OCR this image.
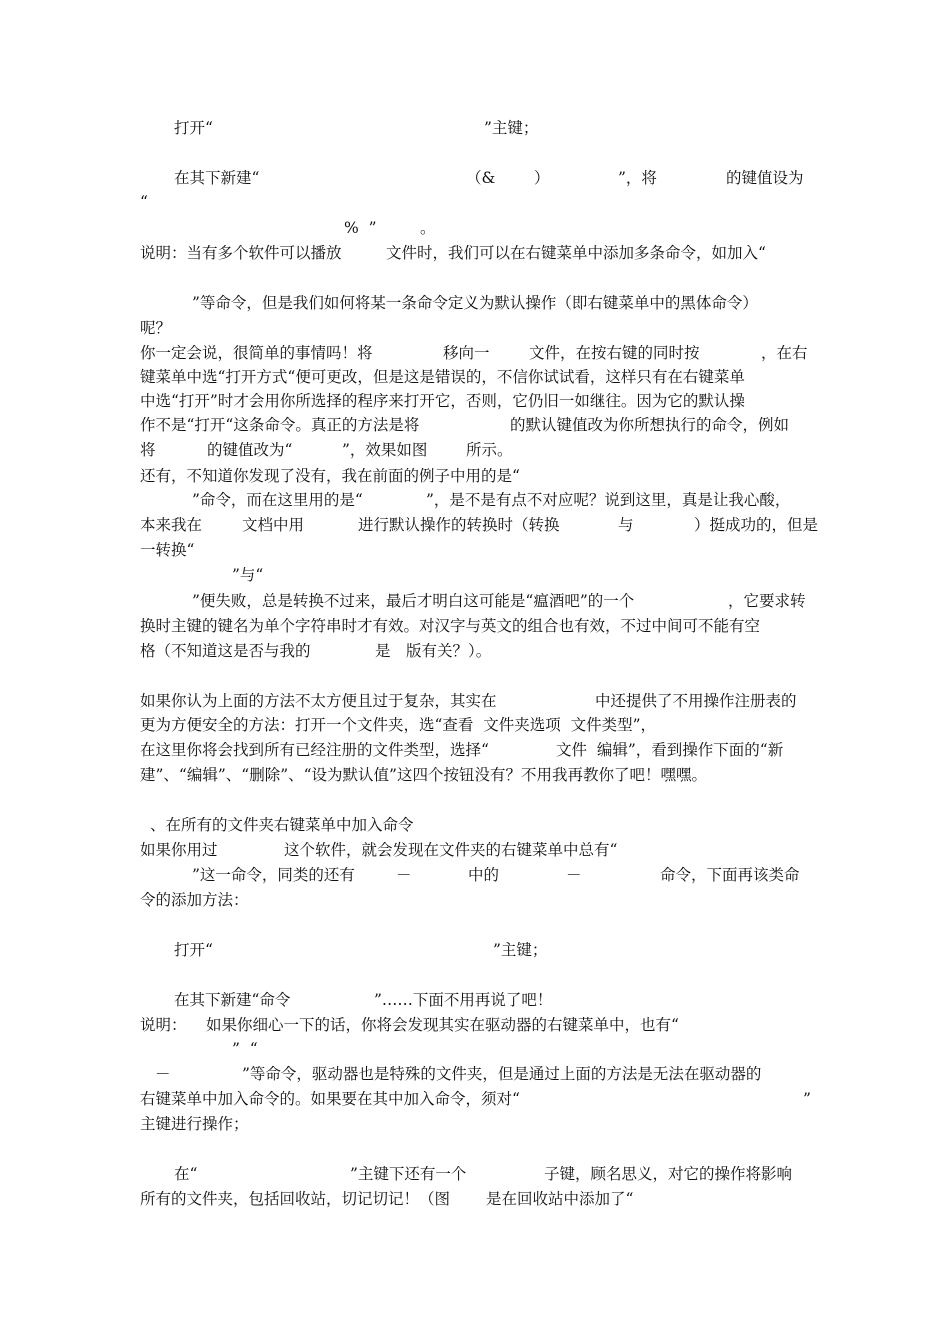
打开“

	”主键；

在其下新建“

	（&

）

	”，将

	的键值设为

“

%  ”

	。

说明：当有多个软件可以播放

	文件时，我们可以在右键菜单中添加多条命令，如加入“

”等命令，但是我们如何将某一条命令定义为默认操作（即右键菜单中的黑体命令）

呢？

你一定会说，很简单的事情吗！将

	移向一

	文件，在按右键的同时按

	，在右

键菜单中选“打开方式“便可更改，但是这是错误的，不信你试试看，这样只有在右键菜单

中选“打开”时才会用你所选择的程序来打开它，否则，它仍旧一如继往。因为它的默认操

作不是“打开“这条命令。真正的方法是将

	的默认键值改为你所想执行的命令，例如

将

	的键值改为“

	”，效果如图

所示。

还有，不知道你发现了没有，我在前面的例子中用的是“

”命令，而在这里用的是“

	”，是不是有点不对应呢？说到这里，真是让我心酸，

本来我在

	文档中用

	进行默认操作的转换时（转换

	与

	）挺成功的，但是

一转换“

”与“

”便失败，总是转换不过来，最后才明白这可能是“瘟酒吧”的一个

	，它要求转

换时主键的键名为单个字符串时才有效。对汉字与英文的组合也有效，不过中间可不能有空

格（不知道这是否与我的

	是

版有关？）。

如果你认为上面的方法不太方便且过于复杂，其实在

	中还提供了不用操作注册表的

更为方便安全的方法：打开一个文件夹，选“查看  文件夹选项  文件类型”，

在这里你将会找到所有已经注册的文件类型，选择“

	文件  编辑”，看到操作下面的“新

建”、“编辑”、“删除”、“设为默认值”这四个按钮没有？不用我再教你了吧！嘿嘿。

、在所有的文件夹右键菜单中加入命令

如果你用过

	这个软件，就会发现在文件夹的右键菜单中总有“

”这一命令，同类的还有

	－

	中的

	－

	命令，下面再该类命

令的添加方法：

打开“

	”主键；

在其下新建“命令

	”……下面不用再说了吧！

说明：

如果你细心一下的话，你将会发现其实在驱动器的右键菜单中，也有“

”  “

－

	”等命令，驱动器也是特殊的文件夹，但是通过上面的方法是无法在驱动器的

右键菜单中加入命令的。如果要在其中加入命令，须对“

	”

主键进行操作；

在“

	”主键下还有一个

	子键，顾名思义，对它的操作将影响

所有的文件夹，包括回收站，切记切记！（图

是在回收站中添加了“
